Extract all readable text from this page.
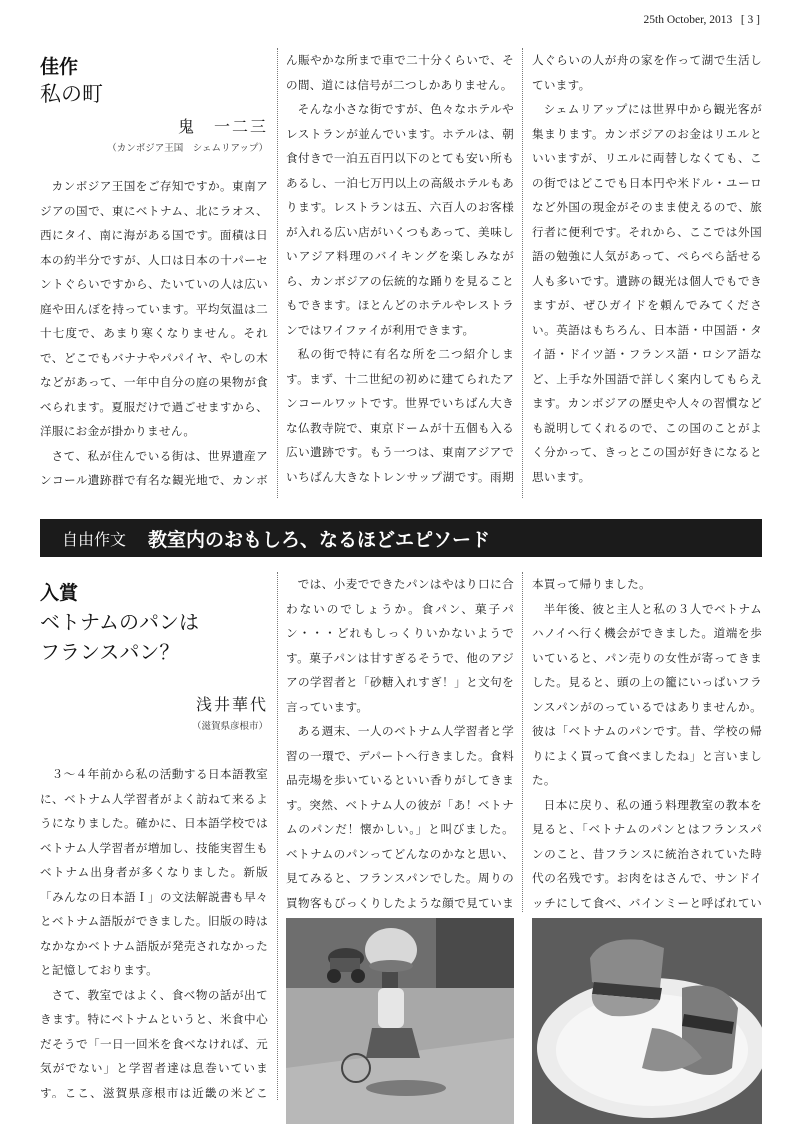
25th October, 2013 [ 3 ]
佳作
私の町
鬼　一二三
（カンボジア王国　シェムリアップ）

カンボジア王国をご存知ですか。東南アジアの国で、東にベトナム、北にラオス、西にタイ、南に海がある国です。面積は日本の約半分ですが、人口は日本の十パーセントぐらいですから、たいていの人は広い庭や田んぼを持っています。平均気温は二十七度で、あまり寒くなりません。それで、どこでもバナナやパパイヤ、やしの木などがあって、一年中自分の庭の果物が食べられます。夏服だけで過ごせますから、洋服にお金が掛かりません。

さて、私が住んでいる街は、世界遺産アンコール遺跡群で有名な観光地で、カンボ

ん賑やかな所まで車で二十分くらいで、その間、道には信号が二つしかありません。

そんな小さな街ですが、色々なホテルやレストランが並んでいます。ホテルは、朝食付きで一泊五百円以下のとても安い所もあるし、一泊七万円以上の高級ホテルもあります。レストランは五、六百人のお客様が入れる広い店がいくつもあって、美味しいアジア料理のバイキングを楽しみながら、カンボジアの伝統的な踊りを見ることもできます。ほとんどのホテルやレストランではワイファイが利用できます。

私の街で特に有名な所を二つ紹介します。まず、十二世紀の初めに建てられたアンコールワットです。世界でいちばん大きな仏教寺院で、東京ドームが十五個も入る広い遺跡です。もう一つは、東南アジアでいちばん大きなトレンサップ湖です。雨期

人ぐらいの人が舟の家を作って湖で生活しています。

シェムリアップには世界中から観光客が集まります。カンボジアのお金はリエルといいますが、リエルに両替しなくても、この街ではどこでも日本円や米ドル・ユーロなど外国の現金がそのまま使えるので、旅行者に便利です。それから、ここでは外国語の勉強に人気があって、ぺらぺら話せる人も多いです。遺跡の観光は個人でもできますが、ぜひガイドを頼んでみてください。英語はもちろん、日本語・中国語・タイ語・ドイツ語・フランス語・ロシア語など、上手な外国語で詳しく案内してもらえます。カンボジアの歴史や人々の習慣なども説明してくれるので、この国のことがよく分かって、きっとこの国が好きになると思います。

自由作文 教室内のおもしろ、なるほどエピソード
入賞
ベトナムのパンは
フランスパン？
浅井華代
（滋賀県彦根市）

３～４年前から私の活動する日本語教室に、ベトナム人学習者がよく訪ねて来るようになりました。確かに、日本語学校ではベトナム人学習者が増加し、技能実習生もベトナム出身者が多くなりました。新版「みんなの日本語Ｉ」の文法解説書も早々とベトナム語版ができました。旧版の時はなかなかベトナム語版が発売されなかったと記憶しております。

さて、教室ではよく、食べ物の話が出てきます。特にベトナムというと、米食中心だそうで「一日一回米を食べなければ、元気がでない」と学習者達は息巻いています。ここ、滋賀県彦根市は近畿の米どこ

では、小麦でできたパンはやはり口に合わないのでしょうか。食パン、菓子パン・・・どれもしっくりいかないようです。菓子パンは甘すぎるそうで、他のアジアの学習者と「砂糖入れすぎ！」と文句を言っています。

ある週末、一人のベトナム人学習者と学習の一環で、デパートへ行きました。食料品売場を歩いているといい香りがしてきます。突然、ベトナム人の彼が「あ！ベトナムのパンだ！懐かしい。」と叫びました。ベトナムのパンってどんなのかなと思い、見てみると、フランスパンでした。周りの買物客もびっくりしたような顔で見ていま

本買って帰りました。

半年後、彼と主人と私の３人でベトナムハノイへ行く機会ができました。道端を歩いていると、パン売りの女性が寄ってきました。見ると、頭の上の籠にいっぱいフランスパンがのっているではありませんか。彼は「ベトナムのパンです。昔、学校の帰りによく買って食べましたね」と言いました。

日本に戻り、私の通う料理教室の教本を見ると、「ベトナムのパンとはフランスパンのこと、昔フランスに統治されていた時代の名残です。お肉をはさんで、サンドイッチにして食べ、バインミーと呼ばれてい
